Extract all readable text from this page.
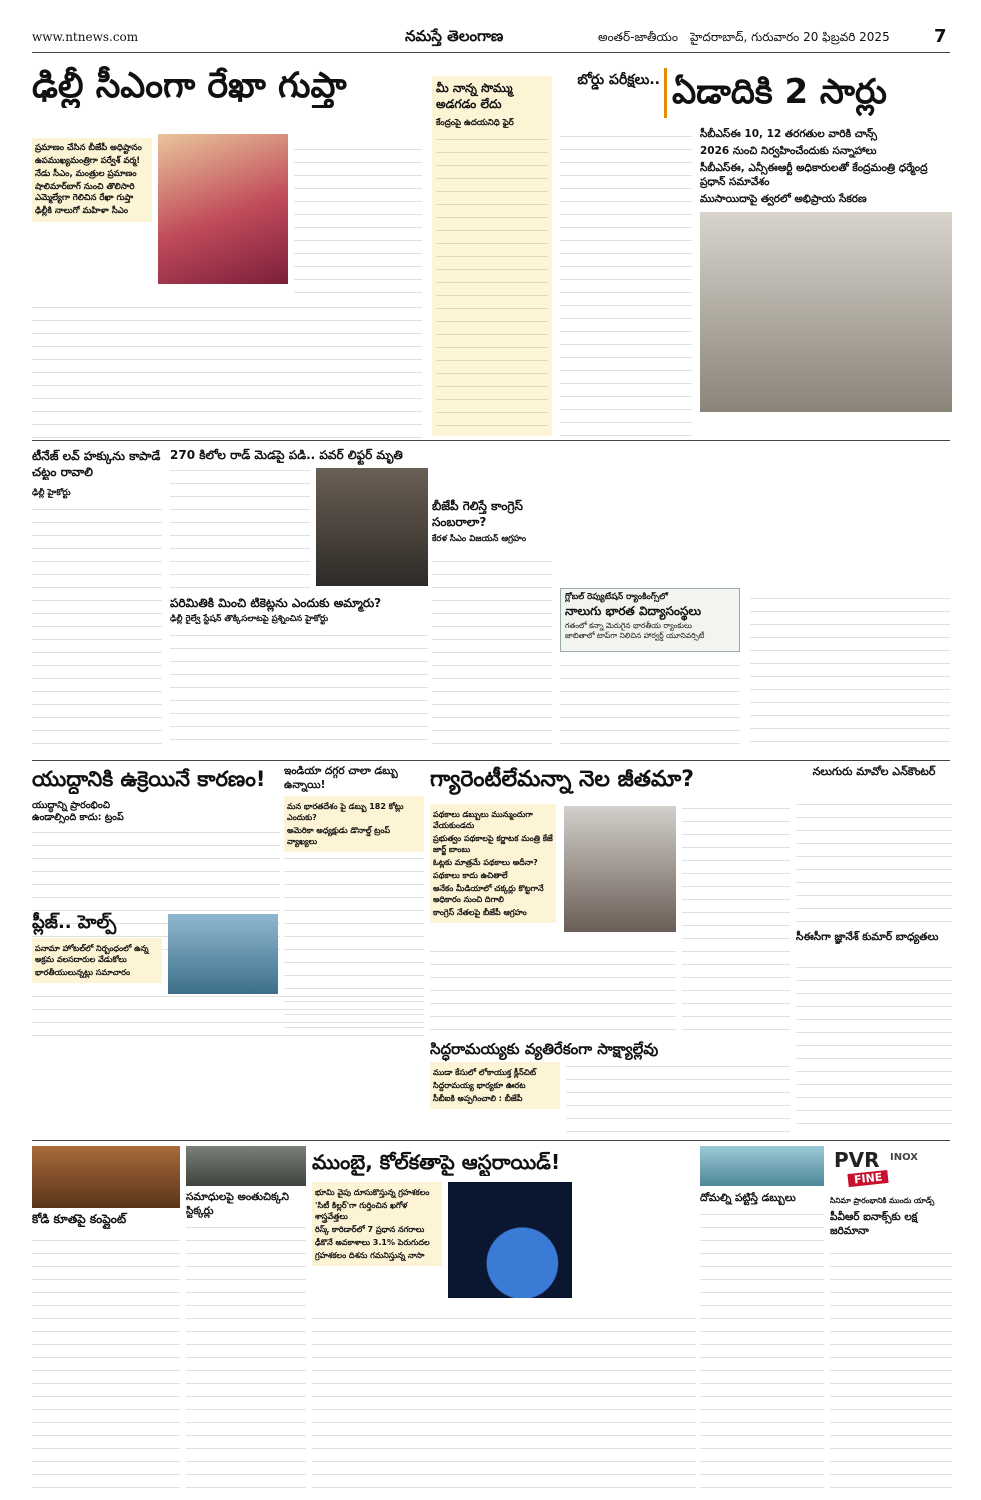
www.ntnews.com	నమస్తే తెలంగాణ	అంతర్-జాతీయం హైదరాబాద్, గురువారం 20 ఫిబ్రవరి 2025 7
ఢిల్లీ సీఎంగా రేఖా గుప్తా
ప్రమాణం చేసిన బీజేపీ అధిష్టానం
ఉపముఖ్యమంత్రిగా పర్వేశ్ వర్మ!
నేడు సీఎం, మంత్రుల ప్రమాణం
షాలిమార్‌బాగ్ నుంచి తొలిసారి ఎమ్మెల్యేగా గెలిచిన రేఖా గుప్తా
ఢిల్లీకి నాలుగో మహిళా సీఎం
మీ నాన్న సొమ్ము అడగడం లేదు
కేంద్రంపై ఉదయనిధి ఫైర్
బోర్డు పరీక్షలు.. ఏడాదికి 2 సార్లు
సీబీఎస్ఈ 10, 12 తరగతుల వారికి చాన్స్
2026 నుంచి నిర్వహించేందుకు సన్నాహాలు
సీబీఎస్ఈ, ఎన్సీఈఆర్టీ అధికారులతో కేంద్రమంత్రి ధర్మేంద్ర ప్రధాన్ సమావేశం
ముసాయిదాపై త్వరలో అభిప్రాయ సేకరణ
టీనేజ్ లవ్ హక్కును కాపాడే చట్టం రావాలి
ఢిల్లీ హైకోర్టు
270 కిలోల రాడ్ మెడపై పడి.. పవర్ లిఫ్టర్ మృతి
పరిమితికి మించి టికెట్లను ఎందుకు అమ్మారు?
ఢిల్లీ రైల్వే స్టేషన్ తొక్కిసలాటపై ప్రశ్నించిన హైకోర్టు
బీజేపీ గెలిస్తే కాంగ్రెస్ సంబరాలా?
కేరళ సీఎం విజయన్ ఆగ్రహం
గ్లోబల్ రెప్యుటేషన్ ర్యాంకింగ్స్‌లో
నాలుగు భారత విద్యాసంస్థలు
గతంలో కన్నా మెరుగైన భారతీయ ర్యాంకులు
జాబితాలో టాప్‌గా నిలిచిన హార్వర్డ్ యూనివర్సిటీ
యుద్ధానికి ఉక్రెయినే కారణం!
యుద్ధాన్ని ప్రారంభించి ఉండాల్సింది కాదు: ట్రంప్
ఇండియా దగ్గర చాలా డబ్బు ఉన్నాయి!
మన భారతదేశం పై డబ్బు 182 కోట్లు ఎందుకు?
అమెరికా అధ్యక్షుడు డొనాల్డ్ ట్రంప్ వ్యాఖ్యలు
గ్యారెంటీలేమన్నా నెల జీతమా?
పథకాలు డబ్బులు మున్ముందుగా వేయకుండదు
ప్రభుత్వం పథకాలపై కర్ణాటక మంత్రి కేజే జార్జ్ బాంబు
ఓట్లకు మాత్రమే పథకాలు అదీనా?
పథకాలు కాదు ఉచితాలే
అనేకం మీడియాలో చక్కర్లు కొట్టగానే అధికారం నుంచి దిగాలి
కాంగ్రెస్ నేతలపై బీజేపీ ఆగ్రహం
నలుగురు మావోల ఎన్‌కౌంటర్
ప్లీజ్.. హెల్ప్
పనామా హోటల్‌లో నిర్బంధంలో ఉన్న అక్రమ వలసదారుల వేడుకోలు
భారతీయులున్నట్లు సమాచారం
సిద్ధరామయ్యకు వ్యతిరేకంగా సాక్ష్యాల్లేవు
ముడా కేసులో లోకాయుక్త క్లీన్‌చిట్
సిద్దరామయ్య భార్యకూ ఊరట
సీబీఐకి అప్పగించాలి : బీజేపీ
సీఈసీగా జ్ఞానేశ్ కుమార్ బాధ్యతలు
కోడి కూతపై కంప్లైంట్
సమాధులపై అంతుచిక్కని స్టిక్కర్లు
ముంబై, కోల్‌కతాపై ఆస్టరాయిడ్!
భూమి వైపు దూసుకొస్తున్న గ్రహశకలం
'సిటీ కిల్లర్'గా గుర్తించిన ఖగోళ శాస్త్రవేత్తలు
రిస్క్ కారిడార్‌లో 7 ప్రధాన నగరాలు
ఢీకొనే అవకాశాలు 3.1% పెరుగుదల
గ్రహశకలం దిశను గమనిస్తున్న నాసా
దోమల్ని పట్టిస్తే డబ్బులు
PVR INOX
FINE
సినిమా ప్రారంభానికి ముందు యాడ్స్
పీవీఆర్ ఐనాక్స్‌కు లక్ష జరిమానా
